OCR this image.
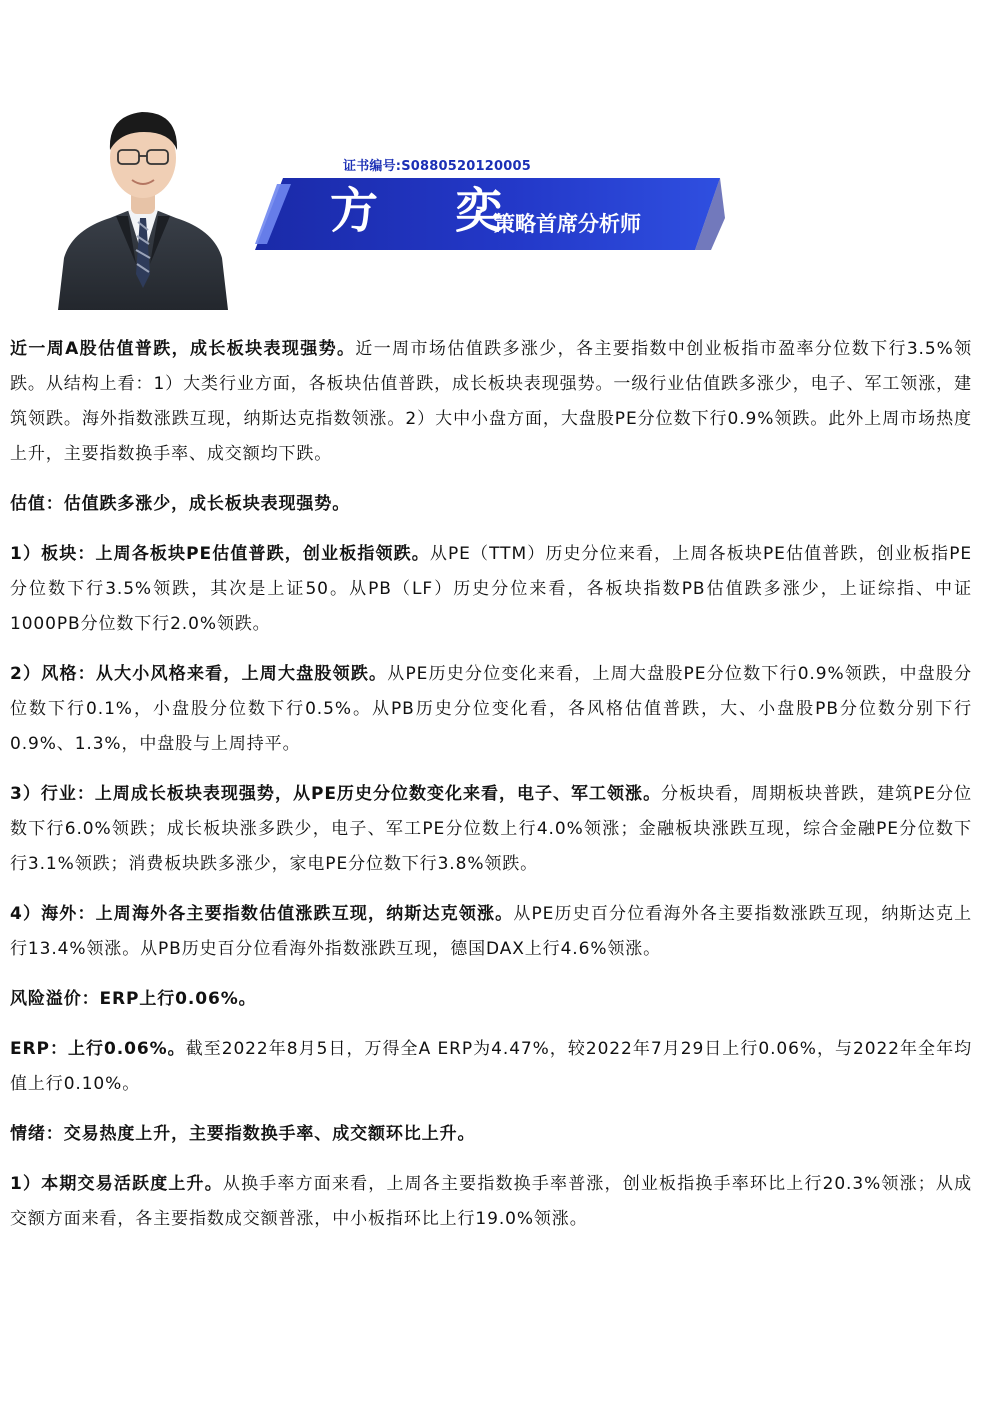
证书编号:S0880520120005
方 奕
策略首席分析师

近一周A股估值普跌，成长板块表现强势。近一周市场估值跌多涨少，各主要指数中创业板指市盈率分位数下行3.5%领跌。从结构上看：1）大类行业方面，各板块估值普跌，成长板块表现强势。一级行业估值跌多涨少，电子、军工领涨，建筑领跌。海外指数涨跌互现，纳斯达克指数领涨。2）大中小盘方面，大盘股PE分位数下行0.9%领跌。此外上周市场热度上升，主要指数换手率、成交额均下跌。

估值：估值跌多涨少，成长板块表现强势。

1）板块：上周各板块PE估值普跌，创业板指领跌。从PE（TTM）历史分位来看，上周各板块PE估值普跌，创业板指PE分位数下行3.5%领跌，其次是上证50。从PB（LF）历史分位来看，各板块指数PB估值跌多涨少，上证综指、中证1000PB分位数下行2.0%领跌。

2）风格：从大小风格来看，上周大盘股领跌。从PE历史分位变化来看，上周大盘股PE分位数下行0.9%领跌，中盘股分位数下行0.1%，小盘股分位数下行0.5%。从PB历史分位变化看，各风格估值普跌，大、小盘股PB分位数分别下行0.9%、1.3%，中盘股与上周持平。

3）行业：上周成长板块表现强势，从PE历史分位数变化来看，电子、军工领涨。分板块看，周期板块普跌，建筑PE分位数下行6.0%领跌；成长板块涨多跌少，电子、军工PE分位数上行4.0%领涨；金融板块涨跌互现，综合金融PE分位数下行3.1%领跌；消费板块跌多涨少，家电PE分位数下行3.8%领跌。

4）海外：上周海外各主要指数估值涨跌互现，纳斯达克领涨。从PE历史百分位看海外各主要指数涨跌互现，纳斯达克上行13.4%领涨。从PB历史百分位看海外指数涨跌互现，德国DAX上行4.6%领涨。

风险溢价：ERP上行0.06%。

ERP：上行0.06%。截至2022年8月5日，万得全A ERP为4.47%，较2022年7月29日上行0.06%，与2022年全年均值上行0.10%。

情绪：交易热度上升，主要指数换手率、成交额环比上升。

1）本期交易活跃度上升。从换手率方面来看，上周各主要指数换手率普涨，创业板指换手率环比上行20.3%领涨；从成交额方面来看，各主要指数成交额普涨，中小板指环比上行19.0%领涨。
